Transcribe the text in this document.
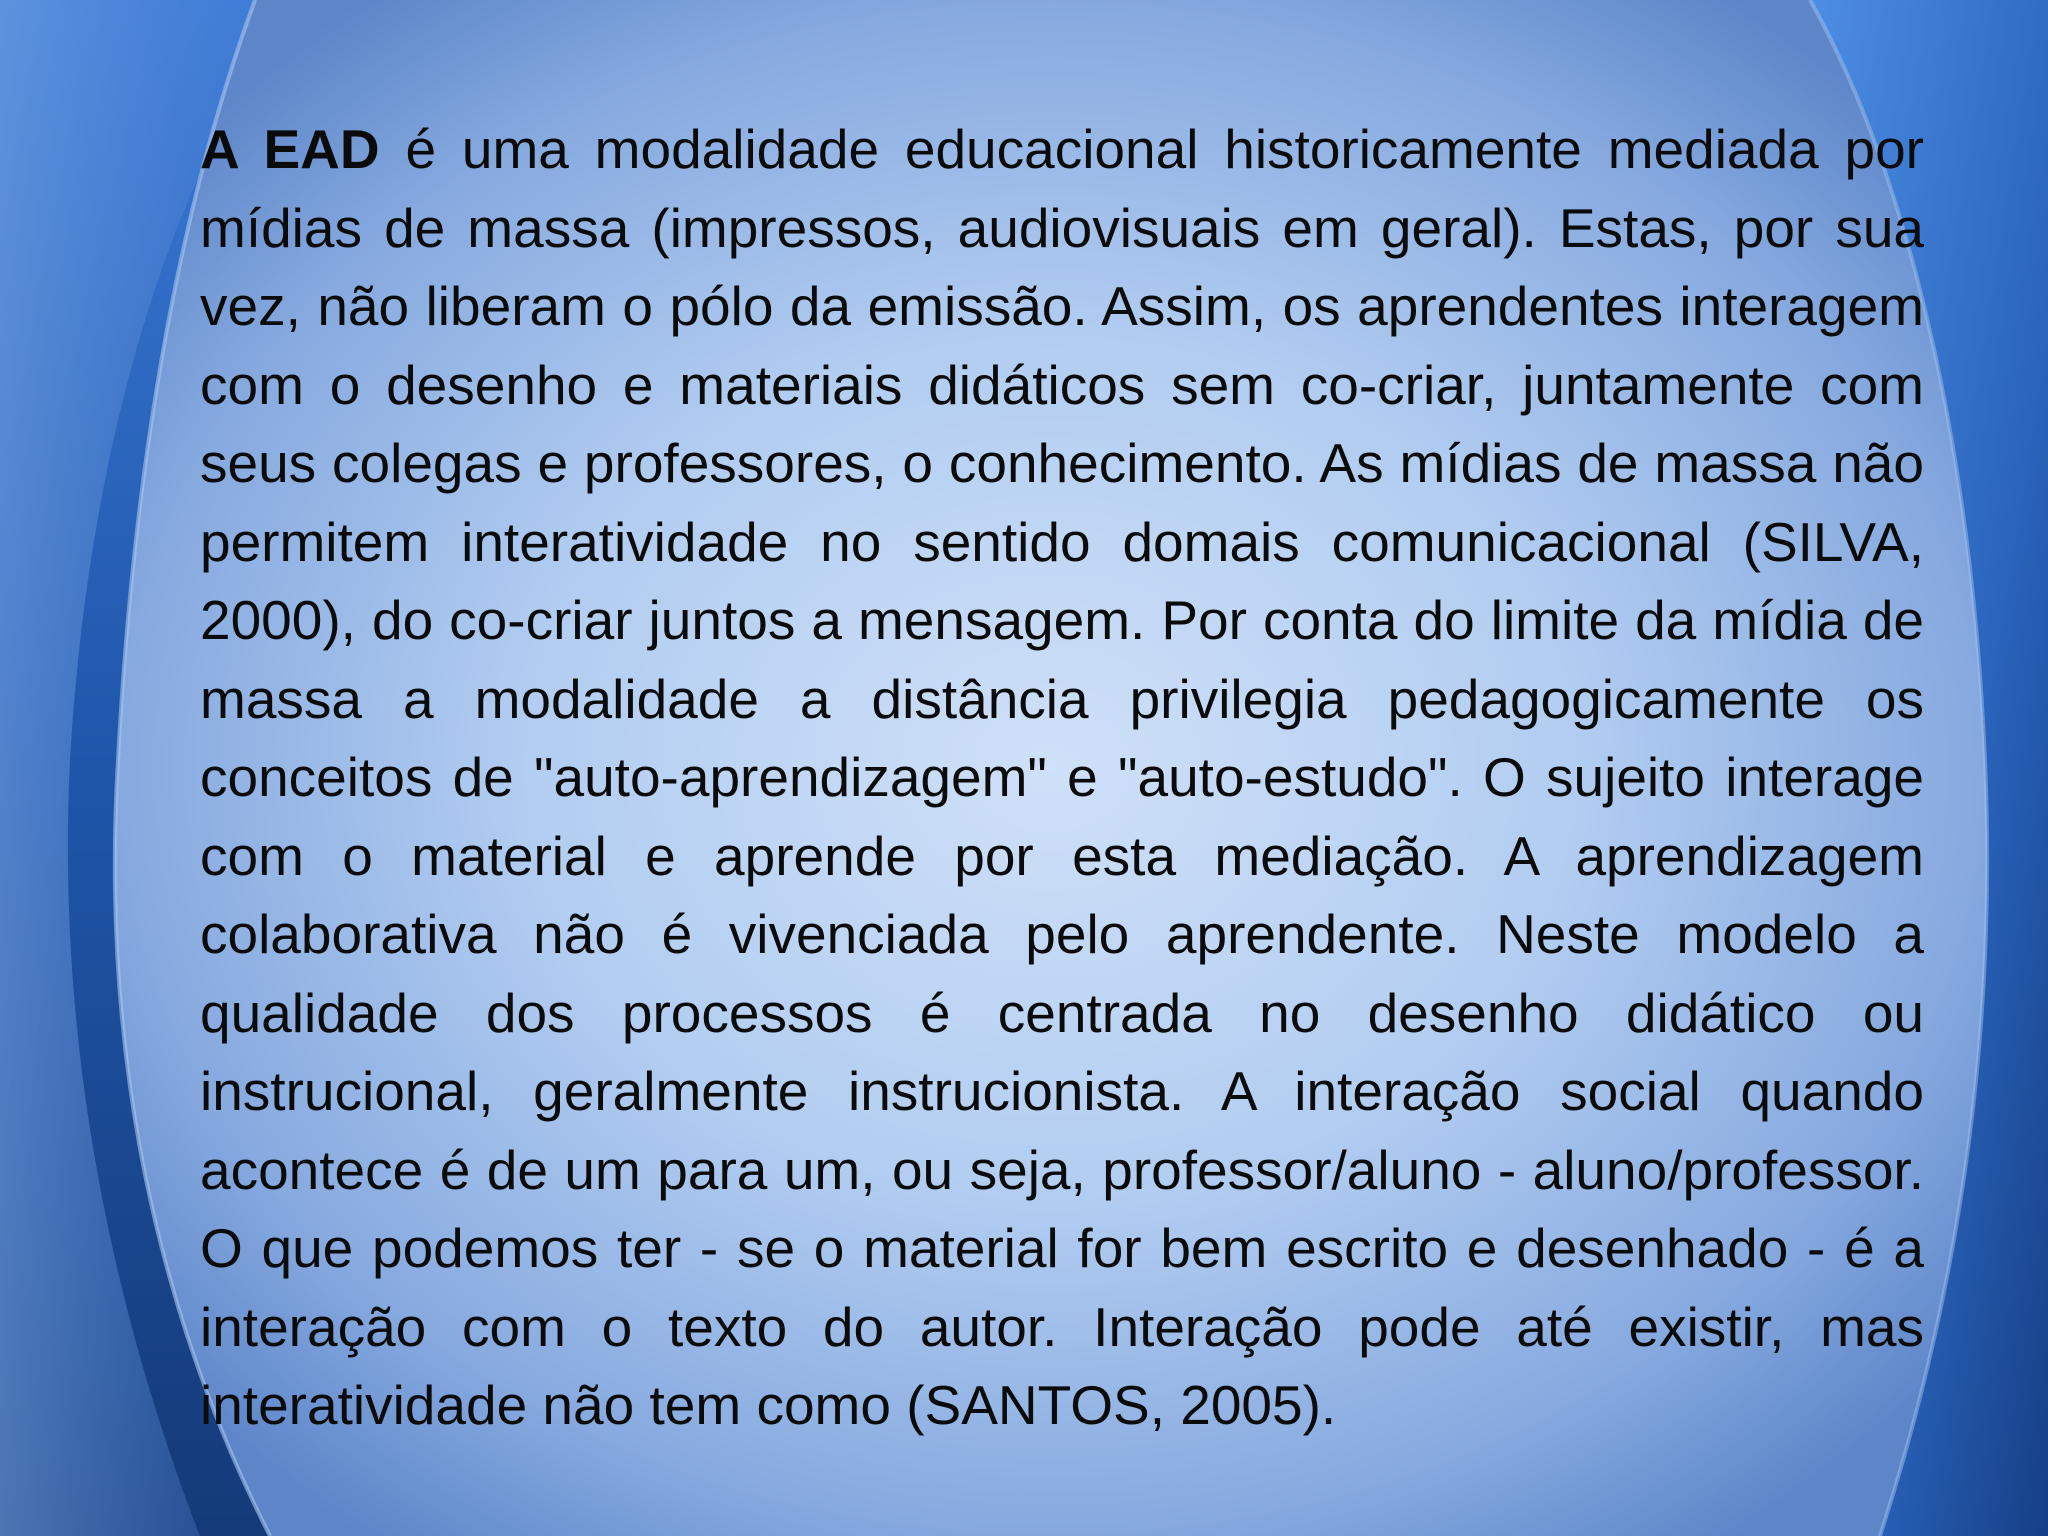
A EAD é uma modalidade educacional historicamente mediada por mídias de massa (impressos, audiovisuais em geral). Estas, por sua vez, não liberam o pólo da emissão. Assim, os aprendentes interagem com o desenho e materiais didáticos sem co-criar, juntamente com seus colegas e professores, o conhecimento. As mídias de massa não permitem interatividade no sentido domais comunicacional (SILVA, 2000), do co-criar juntos a mensagem. Por conta do limite da mídia de massa a modalidade a distância privilegia pedagogicamente os conceitos de "auto-aprendizagem" e "auto-estudo". O sujeito interage com o material e aprende por esta mediação. A aprendizagem colaborativa não é vivenciada pelo aprendente. Neste modelo a qualidade dos processos é centrada no desenho didático ou instrucional, geralmente instrucionista. A interação social quando acontece é de um para um, ou seja, professor/aluno - aluno/professor. O que podemos ter - se o material for bem escrito e desenhado - é a interação com o texto do autor. Interação pode até existir, mas interatividade não tem como (SANTOS, 2005).
